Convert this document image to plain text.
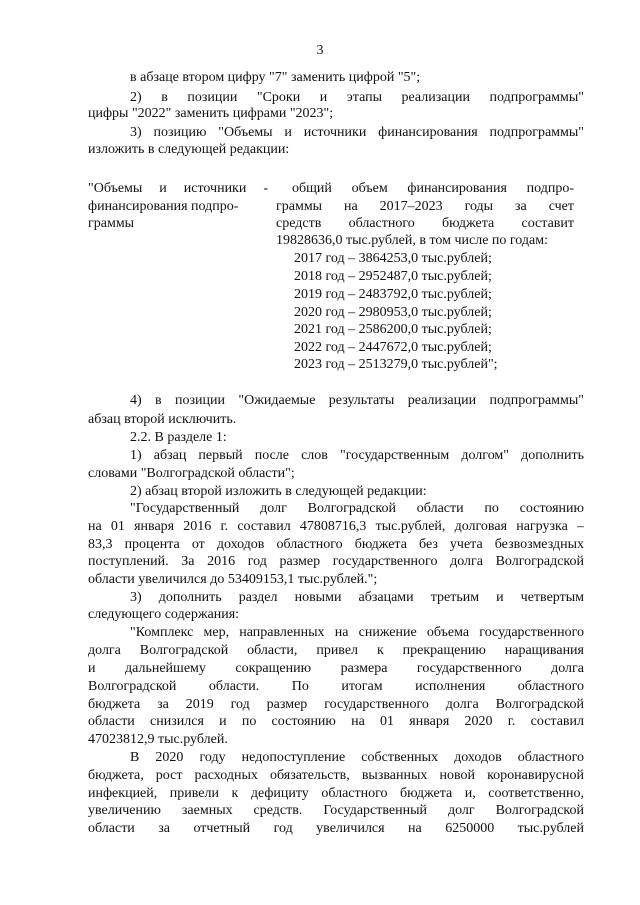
3
в абзаце втором цифру "7" заменить цифрой "5";
2) в позиции "Сроки и этапы реализации подпрограммы"
цифры "2022" заменить цифрами "2023";
3) позицию "Объемы и источники финансирования подпрограммы"
изложить в следующей редакции:
"Объемы и источники -
финансирования подпро-
граммы
общий объем финансирования подпро-
граммы на 2017–2023 годы за счет
средств областного бюджета составит
19828636,0 тыс.рублей, в том числе по годам:
2017 год – 3864253,0 тыс.рублей;
2018 год – 2952487,0 тыс.рублей;
2019 год – 2483792,0 тыс.рублей;
2020 год – 2980953,0 тыс.рублей;
2021 год – 2586200,0 тыс.рублей;
2022 год – 2447672,0 тыс.рублей;
2023 год – 2513279,0 тыс.рублей";
4) в позиции "Ожидаемые результаты реализации подпрограммы"
абзац второй исключить.
2.2. В разделе 1:
1) абзац первый после слов "государственным долгом" дополнить
словами "Волгоградской области";
2) абзац второй изложить в следующей редакции:
"Государственный долг Волгоградской области по состоянию
на 01 января 2016 г. составил 47808716,3 тыс.рублей, долговая нагрузка –
83,3 процента от доходов областного бюджета без учета безвозмездных
поступлений. За 2016 год размер государственного долга Волгоградской
области увеличился до 53409153,1 тыс.рублей.";
3) дополнить раздел новыми абзацами третьим и четвертым
следующего содержания:
"Комплекс мер, направленных на снижение объема государственного
долга Волгоградской области, привел к прекращению наращивания
и дальнейшему сокращению размера государственного долга
Волгоградской области. По итогам исполнения областного
бюджета за 2019 год размер государственного долга Волгоградской
области снизился и по состоянию на 01 января 2020 г. составил
47023812,9 тыс.рублей.
В 2020 году недопоступление собственных доходов областного
бюджета, рост расходных обязательств, вызванных новой коронавирусной
инфекцией, привели к дефициту областного бюджета и, соответственно,
увеличению заемных средств. Государственный долг Волгоградской
области за отчетный год увеличился на 6250000 тыс.рублей
